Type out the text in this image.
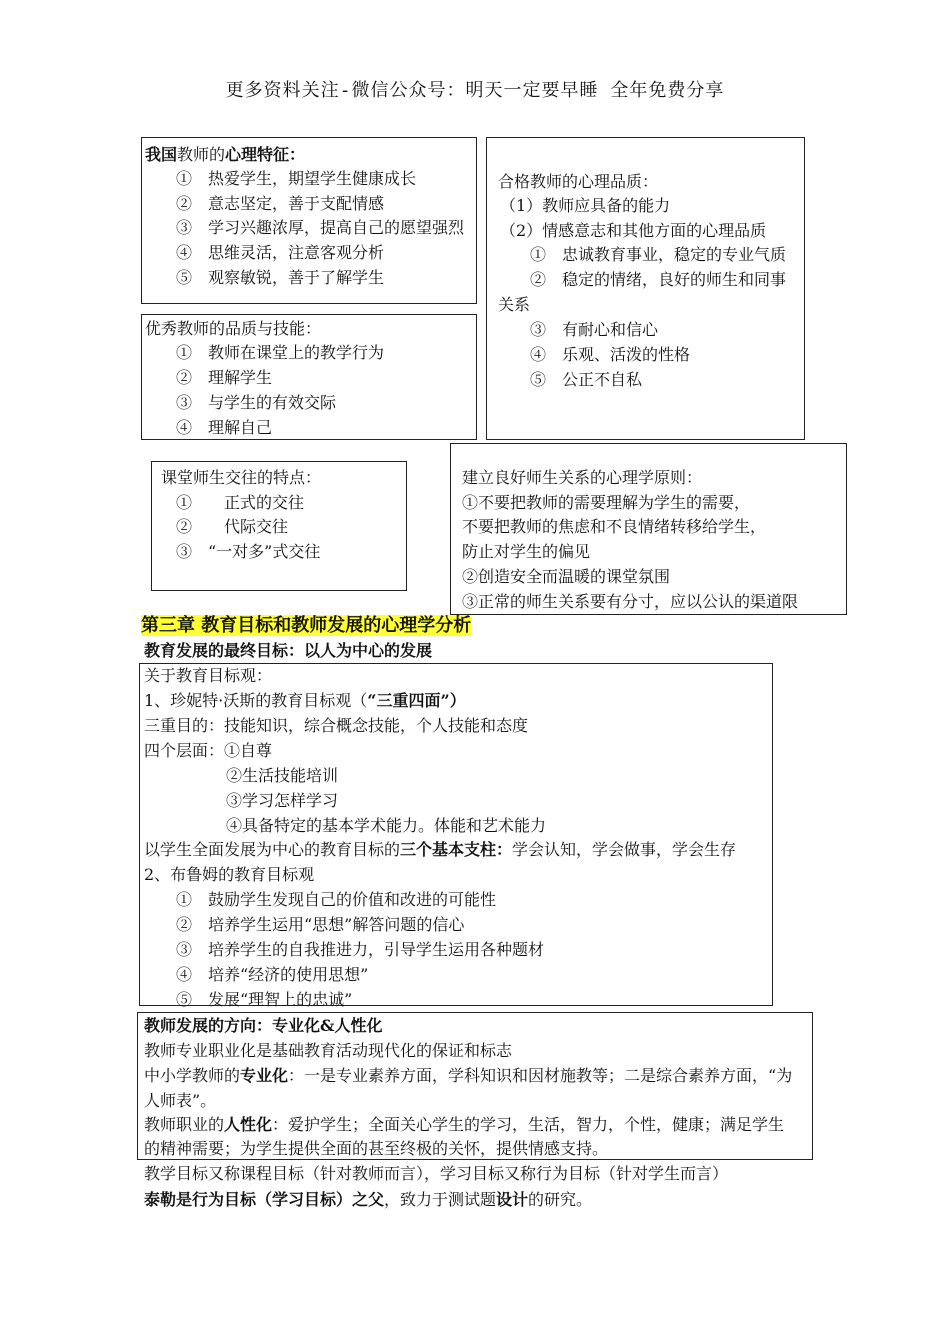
更多资料关注-微信公众号：明天一定要早睡 全年免费分享
我国教师的心理特征：
①　热爱学生，期望学生健康成长
②　意志坚定，善于支配情感
③　学习兴趣浓厚，提高自己的愿望强烈
④　思维灵活，注意客观分析
⑤　观察敏锐，善于了解学生
优秀教师的品质与技能：
①　教师在课堂上的教学行为
②　理解学生
③　与学生的有效交际
④　理解自己
合格教师的心理品质：
（1）教师应具备的能力
（2）情感意志和其他方面的心理品质
①　忠诚教育事业，稳定的专业气质
②　稳定的情绪，良好的师生和同事
关系
③　有耐心和信心
④　乐观、活泼的性格
⑤　公正不自私
课堂师生交往的特点：
①　　正式的交往
②　　代际交往
③　“一对多”式交往
建立良好师生关系的心理学原则：
①不要把教师的需要理解为学生的需要，
不要把教师的焦虑和不良情绪转移给学生，
防止对学生的偏见
②创造安全而温暖的课堂氛围
③正常的师生关系要有分寸，应以公认的渠道限
第三章 教育目标和教师发展的心理学分析
教育发展的最终目标：以人为中心的发展
关于教育目标观：
1、珍妮特·沃斯的教育目标观（“三重四面”）
三重目的：技能知识，综合概念技能，个人技能和态度
四个层面：①自尊
②生活技能培训
③学习怎样学习
④具备特定的基本学术能力。体能和艺术能力
以学生全面发展为中心的教育目标的三个基本支柱：学会认知，学会做事，学会生存
2、布鲁姆的教育目标观
①　鼓励学生发现自己的价值和改进的可能性
②　培养学生运用“思想”解答问题的信心
③　培养学生的自我推进力，引导学生运用各种题材
④　培养“经济的使用思想”
⑤　发展“理智上的忠诚”
教师发展的方向：专业化&人性化
教师专业职业化是基础教育活动现代化的保证和标志
中小学教师的专业化：一是专业素养方面，学科知识和因材施教等；二是综合素养方面，“为
人师表”。
教师职业的人性化：爱护学生；全面关心学生的学习，生活，智力，个性，健康；满足学生
的精神需要；为学生提供全面的甚至终极的关怀，提供情感支持。
教学目标又称课程目标（针对教师而言），学习目标又称行为目标（针对学生而言）
泰勒是行为目标（学习目标）之父，致力于测试题设计的研究。
